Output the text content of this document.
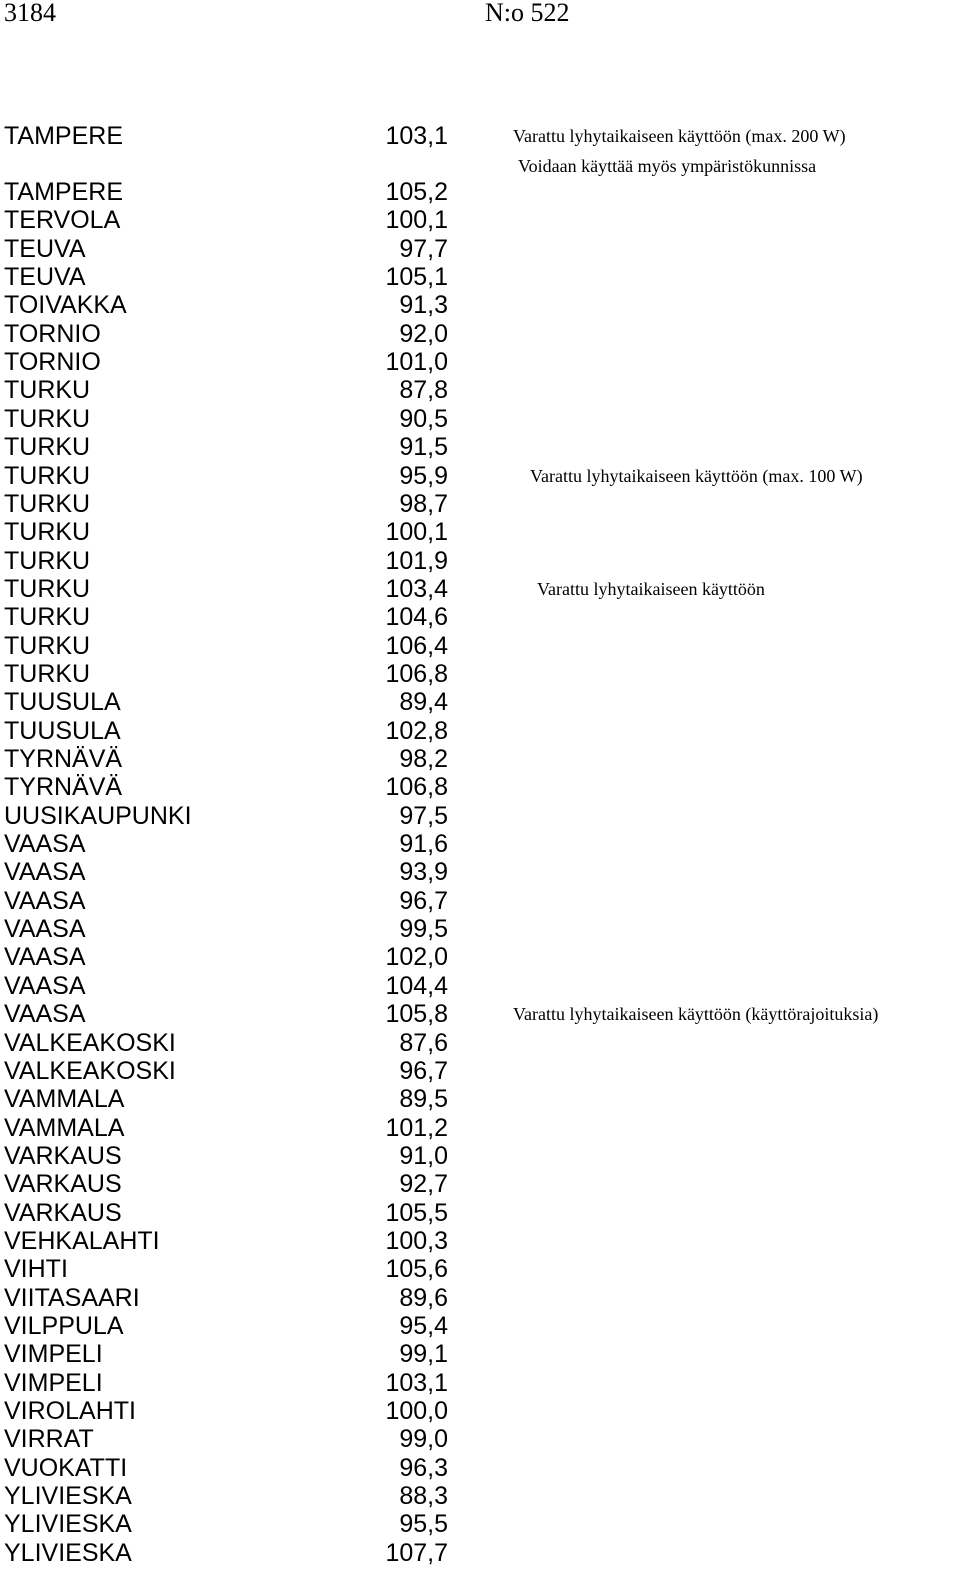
3184	N:o 522
TAMPERE	103,1	Varattu lyhytaikaiseen käyttöön (max. 200 W)
Voidaan käyttää myös ympäristökunnissa
TAMPERE	105,2
TERVOLA	100,1
TEUVA	97,7
TEUVA	105,1
TOIVAKKA	91,3
TORNIO	92,0
TORNIO	101,0
TURKU	87,8
TURKU	90,5
TURKU	91,5
TURKU	95,9	Varattu lyhytaikaiseen käyttöön (max. 100 W)
TURKU	98,7
TURKU	100,1
TURKU	101,9
TURKU	103,4	Varattu lyhytaikaiseen käyttöön
TURKU	104,6
TURKU	106,4
TURKU	106,8
TUUSULA	89,4
TUUSULA	102,8
TYRNÄVÄ	98,2
TYRNÄVÄ	106,8
UUSIKAUPUNKI	97,5
VAASA	91,6
VAASA	93,9
VAASA	96,7
VAASA	99,5
VAASA	102,0
VAASA	104,4
VAASA	105,8	Varattu lyhytaikaiseen käyttöön (käyttörajoituksia)
VALKEAKOSKI	87,6
VALKEAKOSKI	96,7
VAMMALA	89,5
VAMMALA	101,2
VARKAUS	91,0
VARKAUS	92,7
VARKAUS	105,5
VEHKALAHTI	100,3
VIHTI	105,6
VIITASAARI	89,6
VILPPULA	95,4
VIMPELI	99,1
VIMPELI	103,1
VIROLAHTI	100,0
VIRRAT	99,0
VUOKATTI	96,3
YLIVIESKA	88,3
YLIVIESKA	95,5
YLIVIESKA	107,7
